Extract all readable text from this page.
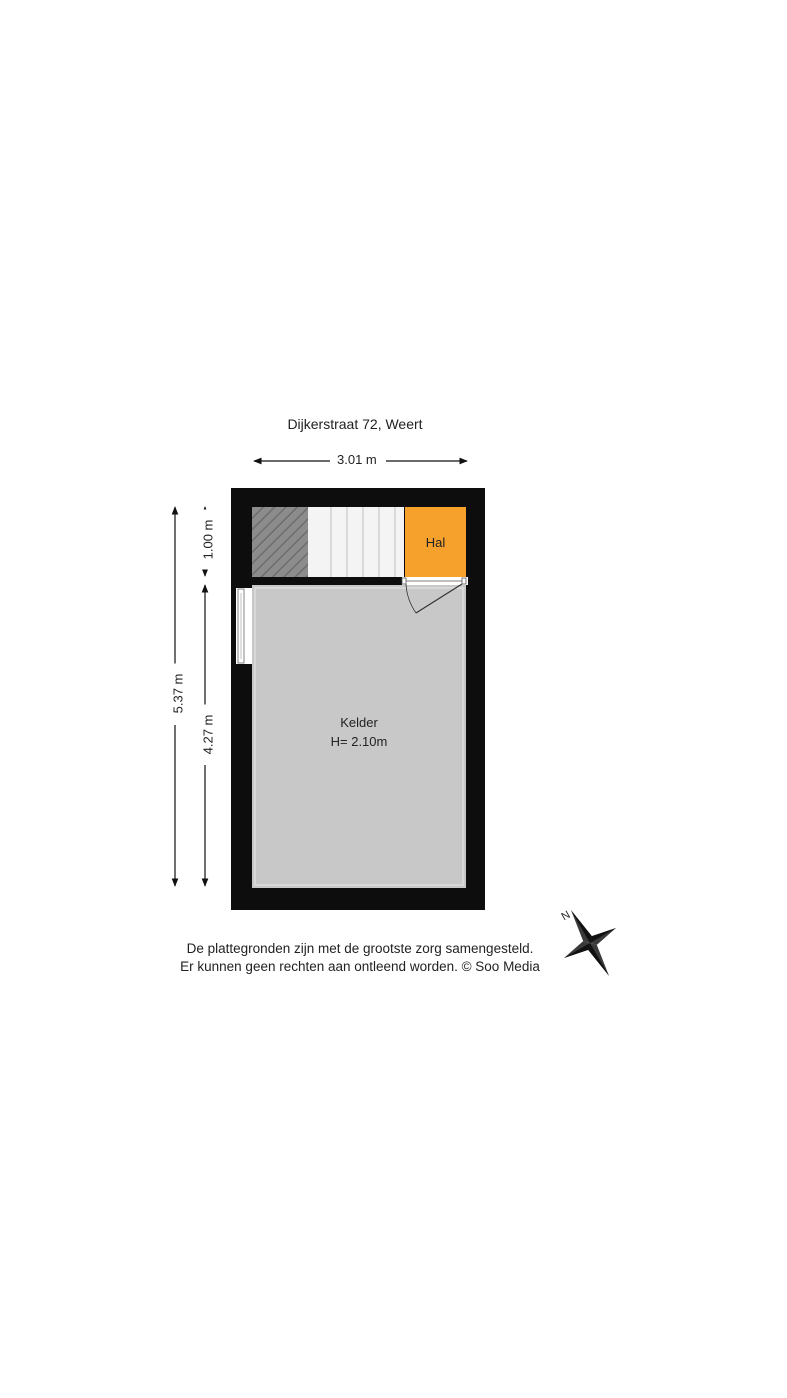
Dijkerstraat 72, Weert
3.01 m
5.37 m
1.00 m
4.27 m
Hal
Kelder
H= 2.10m
N
De plattegronden zijn met de grootste zorg samengesteld.
Er kunnen geen rechten aan ontleend worden. © Soo Media
